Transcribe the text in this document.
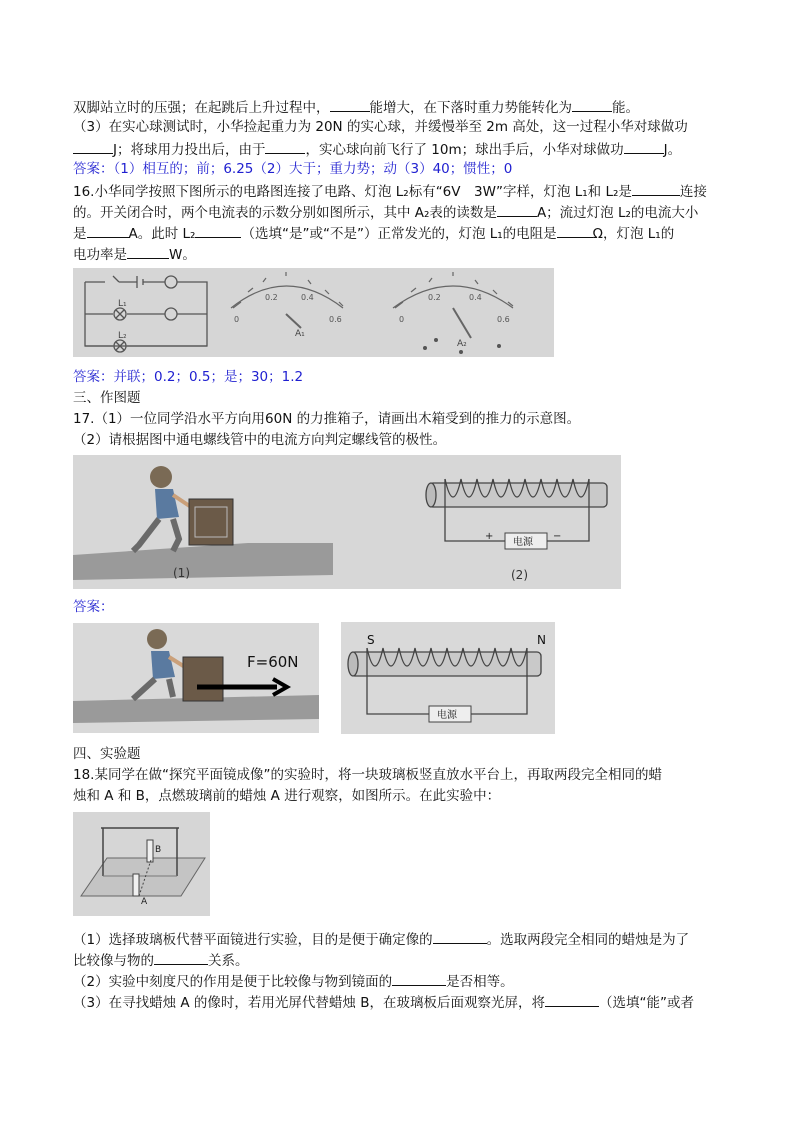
双脚站立时的压强；在起跳后上升过程中，	能增大，在下落时重力势能转化为	能。
（3）在实心球测试时，小华捡起重力为 20N 的实心球，并缓慢举至 2m 高处，这一过程小华对球做功
J；将球用力投出后，由于	，实心球向前飞行了 10m；球出手后，小华对球做功	J。
答案：（1）相互的；前；6.25（2）大于；重力势；动（3）40；惯性；0
16.小华同学按照下图所示的电路图连接了电路、灯泡 L₂标有“6V　3W”字样，灯泡 L₁和 L₂是	连接
的。开关闭合时，两个电流表的示数分别如图所示，其中 A₂表的读数是	A；流过灯泡 L₂的电流大小
是	A。此时 L₂	（选填“是”或“不是”）正常发光的，灯泡 L₁的电阻是	Ω，灯泡 L₁的
电功率是	W。
L₁
L₂
0
0.2	0.4
0.6
A₁
0
0.2	0.4
0.6
A₂
答案：并联；0.2；0.5；是；30；1.2
三、作图题
17.（1）一位同学沿水平方向用60N 的力推箱子，请画出木箱受到的推力的示意图。
（2）请根据图中通电螺线管中的电流方向判定螺线管的极性。
(1)
电源
+	−
(2)
答案：
F=60N
电源
S	N
四、实验题
18.某同学在做“探究平面镜成像”的实验时，将一块玻璃板竖直放水平台上，再取两段完全相同的蜡
烛和 A 和 B，点燃玻璃前的蜡烛 A 进行观察，如图所示。在此实验中：
B
A
（1）选择玻璃板代替平面镜进行实验，目的是便于确定像的	。选取两段完全相同的蜡烛是为了
比较像与物的	关系。
（2）实验中刻度尺的作用是便于比较像与物到镜面的	是否相等。
（3）在寻找蜡烛 A 的像时，若用光屏代替蜡烛 B，在玻璃板后面观察光屏，将	（选填“能”或者
